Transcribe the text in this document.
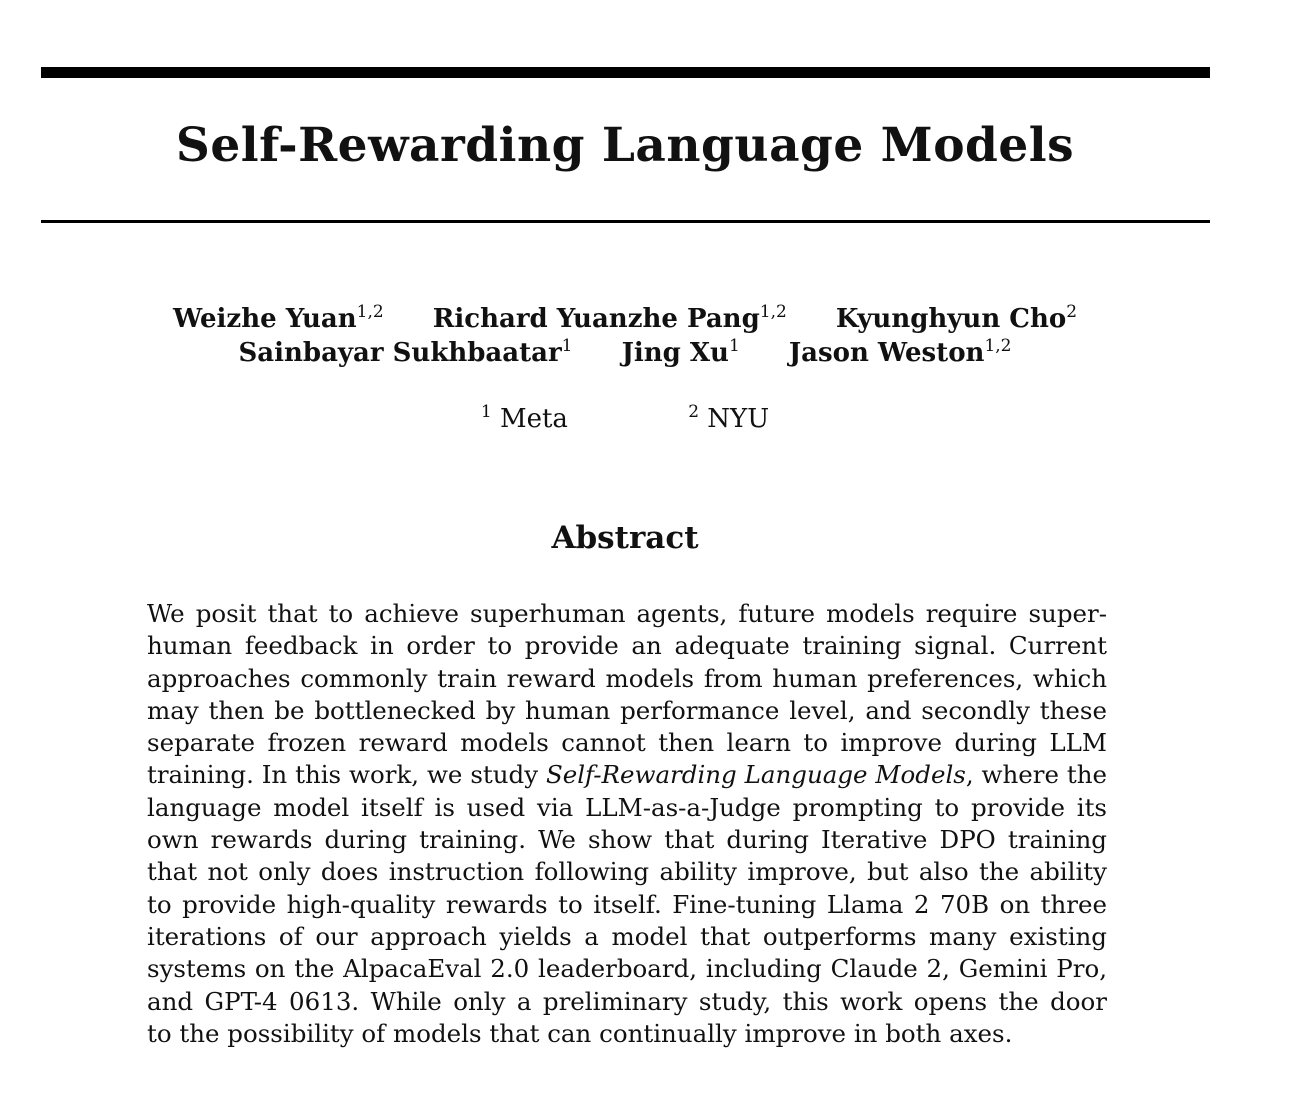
Self-Rewarding Language Models
Weizhe Yuan$^{1,2}$ Richard Yuanzhe Pang$^{1,2}$ Kyunghyun Cho$^2$
Sainbayar Sukhbaatar$^1$ Jing Xu$^1$ Jason Weston$^{1,2}$
$^1$ Meta	$^2$ NYU
Abstract
We posit that to achieve superhuman agents, future models require super-
human feedback in order to provide an adequate training signal. Current
approaches commonly train reward models from human preferences, which
may then be bottlenecked by human performance level, and secondly these
separate frozen reward models cannot then learn to improve during LLM
training. In this work, we study Self-Rewarding Language Models, where the
language model itself is used via LLM-as-a-Judge prompting to provide its
own rewards during training. We show that during Iterative DPO training
that not only does instruction following ability improve, but also the ability
to provide high-quality rewards to itself. Fine-tuning Llama 2 70B on three
iterations of our approach yields a model that outperforms many existing
systems on the AlpacaEval 2.0 leaderboard, including Claude 2, Gemini Pro,
and GPT-4 0613. While only a preliminary study, this work opens the door
to the possibility of models that can continually improve in both axes.
